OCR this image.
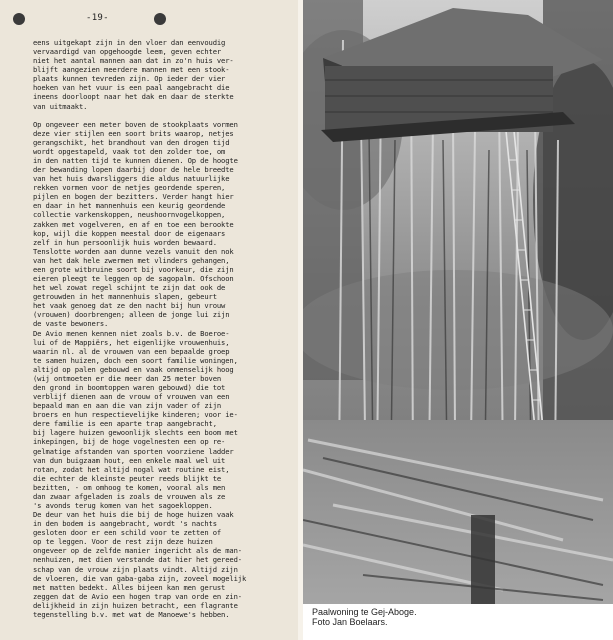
-19-
eens uitgekapt zijn in den vloer dan eenvoudig
vervaardigd van opgehoogde leem, geven echter
niet het aantal mannen aan dat in zo'n huis ver-
blijft aangezien meerdere mannen met een stook-
plaats kunnen tevreden zijn. Op ieder der vier
hoeken van het vuur is een paal aangebracht die
ineens doorloopt naar het dak en daar de sterkte
van uitmaakt.
Op ongeveer een meter boven de stookplaats vormen
deze vier stijlen een soort brits waarop, netjes
gerangschikt, het brandhout van den drogen tijd
wordt opgestapeld, vaak tot den zolder toe, om
in den natten tijd te kunnen dienen. Op de hoogte
der bewanding lopen daarbij door de hele breedte
van het huis dwarsliggers die aldus natuurlijke
rekken vormen voor de netjes geordende speren,
pijlen en bogen der bezitters. Verder hangt hier
en daar in het mannenhuis een keurig geordende
collectie varkenskoppen, neushoornvogelkoppen,
zakken met vogelveren, en af en toe een berookte
kop, wijl die koppen meestal door de eigenaars
zelf in hun persoonlijk huis worden bewaard.
Tenslotte worden aan dunne vezels vanuit den nok
van het dak hele zwermen met vlinders gehangen,
een grote witbruine soort bij voorkeur, die zijn
eieren pleegt te leggen op de sagopalm. Ofschoon
het wel zowat regel schijnt te zijn dat ook de
getrouwden in het mannenhuis slapen, gebeurt
het vaak genoeg dat ze den nacht bij hun vrouw
(vrouwen) doorbrengen; alleen de jonge lui zijn
de vaste bewoners.
De Avio menen kennen niet zoals b.v. de Boeroe-
lui of de Mappiërs, het eigenlijke vrouwenhuis,
waarin nl. al de vrouwen van een bepaalde groep
te samen huizen, doch een soort familie woningen,
altijd op palen gebouwd en vaak onmenselijk hoog
(wij ontmoeten er die meer dan 25 meter boven
den grond in boomtoppen waren gebouwd) die tot
verblijf dienen aan de vrouw of vrouwen van een
bepaald man en aan die van zijn vader of zijn
broers en hun respectievelijke kinderen; voor ie-
dere familie is een aparte trap aangebracht,
bij lagere huizen gewoonlijk slechts een boom met
inkepingen, bij de hoge vogelnesten een op re-
gelmatige afstanden van sporten voorziene ladder
van dun buigzaam hout, een enkele maal wel uit
rotan, zodat het altijd nogal wat routine eist,
die echter de kleinste peuter reeds blijkt te
bezitten, - om omhoog te komen, vooral als men
dan zwaar afgeladen is zoals de vrouwen als ze
's avonds terug komen van het sagoekloppen.
De deur van het huis die bij de hoge huizen vaak
in den bodem is aangebracht, wordt 's nachts
gesloten door er een schild voor te zetten of
op te leggen. Voor de rest zijn deze huizen
ongeveer op de zelfde manier ingericht als de man-
nenhuizen, met dien verstande dat hier het gereed-
schap van de vrouw zijn plaats vindt. Altijd zijn
de vloeren, die van gaba-gaba zijn, zoveel mogelijk
met matten bedekt. Alles bijeen kan men gerust
zeggen dat de Avio een hogen trap van orde en zin-
delijkheid in zijn huizen betracht, een flagrante
tegenstelling b.v. met wat de Manoewe's hebben.	Paalwoning te Gej-Aboge.
Foto Jan Boelaars.
